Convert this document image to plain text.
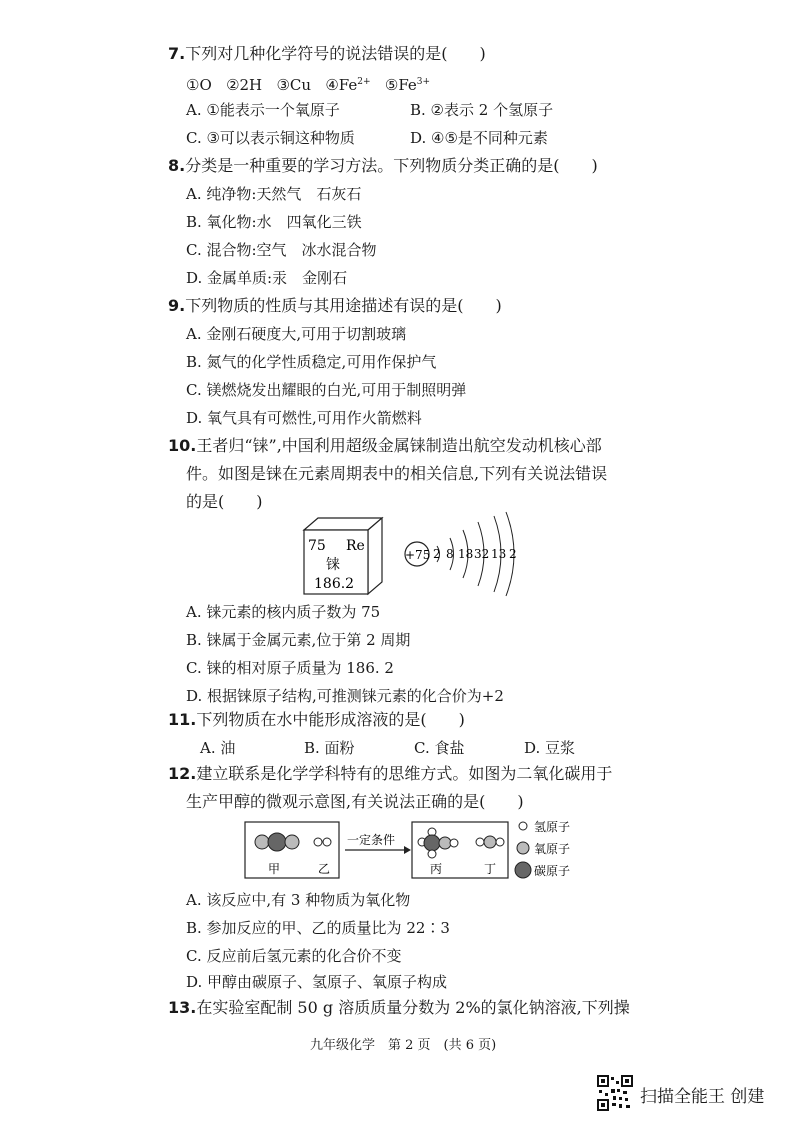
7.下列对几种化学符号的说法错误的是(　　)
①O ②2H ③Cu $④Fe^{2+}$ $⑤Fe^{3+}$
A. ①能表示一个氧原子	B. ②表示 2 个氢原子
C. ③可以表示铜这种物质	D. ④⑤是不同种元素
8.分类是一种重要的学习方法。下列物质分类正确的是(　　)
A. 纯净物:天然气　石灰石
B. 氧化物:水　四氧化三铁
C. 混合物:空气　冰水混合物
D. 金属单质:汞　金刚石
9.下列物质的性质与其用途描述有误的是(　　)
A. 金刚石硬度大,可用于切割玻璃
B. 氮气的化学性质稳定,可用作保护气
C. 镁燃烧发出耀眼的白光,可用于制照明弹
D. 氧气具有可燃性,可用作火箭燃料
10.王者归“铼”,中国利用超级金属铼制造出航空发动机核心部
件。如图是铼在元素周期表中的相关信息,下列有关说法错误
的是(　　)
75 Re
铼
186.2
+75 2 8 18 32 13 2
A. 铼元素的核内质子数为 75
B. 铼属于金属元素,位于第 2 周期
C. 铼的相对原子质量为 186. 2
D. 根据铼原子结构,可推测铼元素的化合价为+2
11.下列物质在水中能形成溶液的是(　　)
A. 油	B. 面粉	C. 食盐	D. 豆浆
12.建立联系是化学学科特有的思维方式。如图为二氧化碳用于
生产甲醇的微观示意图,有关说法正确的是(　　)
甲	乙
一定条件
丙	丁
氢原子
氧原子
碳原子
A. 该反应中,有 3 种物质为氧化物
B. 参加反应的甲、乙的质量比为 22∶3
C. 反应前后氢元素的化合价不变
D. 甲醇由碳原子、氢原子、氧原子构成
13.在实验室配制 50 g 溶质质量分数为 2%的氯化钠溶液,下列操
九年级化学　第 2 页　(共 6 页)
扫描全能王 创建
